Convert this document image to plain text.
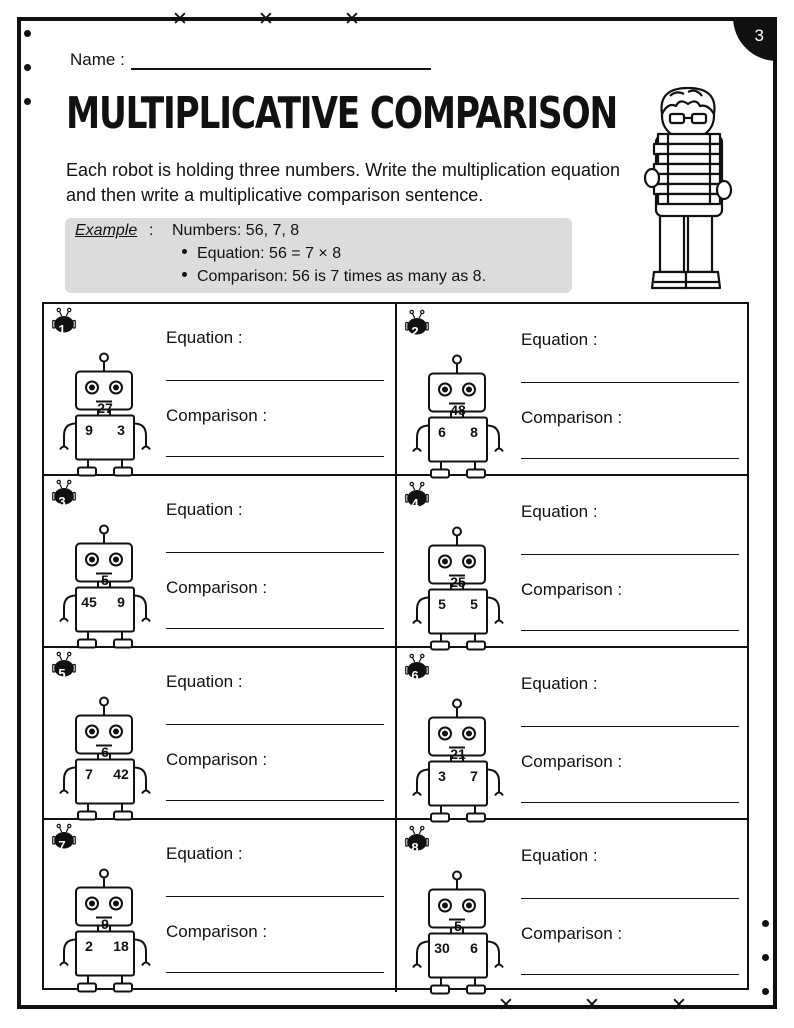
3
✕	✕	✕
✕	✕	✕
Name :
MULTIPLICATIVE COMPARISON
Each robot is holding three numbers. Write the multiplication equation and then write a multiplicative comparison sentence.
Example : Numbers: 56, 7, 8
Equation: 56 = 7 × 8
Comparison: 56 is 7 times as many as 8.
1
27
9	3
Equation :
Comparison :
2
48
6	8
Equation :
Comparison :
3
5
45	9
Equation :
Comparison :
4
25
5	5
Equation :
Comparison :
5
6
7	42
Equation :
Comparison :
6
21
3	7
Equation :
Comparison :
7
9
2	18
Equation :
Comparison :
8
5
30	6
Equation :
Comparison :
